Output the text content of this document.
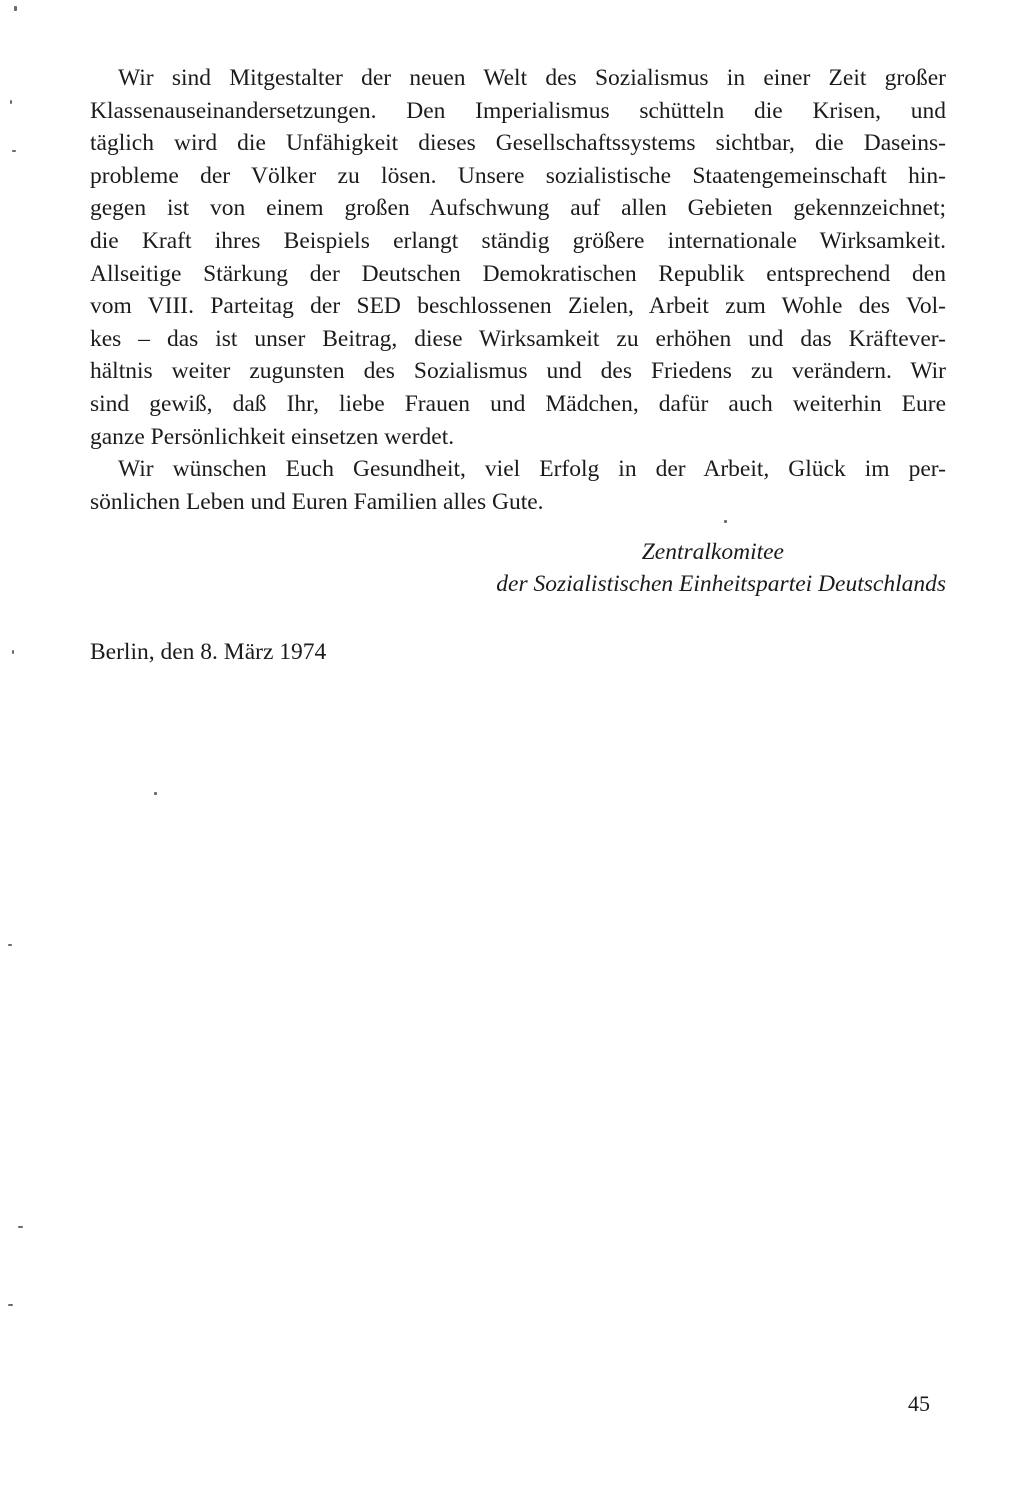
Wir sind Mitgestalter der neuen Welt des Sozialismus in einer Zeit großer
Klassenauseinandersetzungen. Den Imperialismus schütteln die Krisen, und
täglich wird die Unfähigkeit dieses Gesellschaftssystems sichtbar, die Daseins-
probleme der Völker zu lösen. Unsere sozialistische Staatengemeinschaft hin-
gegen ist von einem großen Aufschwung auf allen Gebieten gekennzeichnet;
die Kraft ihres Beispiels erlangt ständig größere internationale Wirksamkeit.
Allseitige Stärkung der Deutschen Demokratischen Republik entsprechend den
vom VIII. Parteitag der SED beschlossenen Zielen, Arbeit zum Wohle des Vol-
kes – das ist unser Beitrag, diese Wirksamkeit zu erhöhen und das Kräftever-
hältnis weiter zugunsten des Sozialismus und des Friedens zu verändern. Wir
sind gewiß, daß Ihr, liebe Frauen und Mädchen, dafür auch weiterhin Eure
ganze Persönlichkeit einsetzen werdet.
Wir wünschen Euch Gesundheit, viel Erfolg in der Arbeit, Glück im per-
sönlichen Leben und Euren Familien alles Gute.
Zentralkomitee
der Sozialistischen Einheitspartei Deutschlands
Berlin, den 8. März 1974
45
